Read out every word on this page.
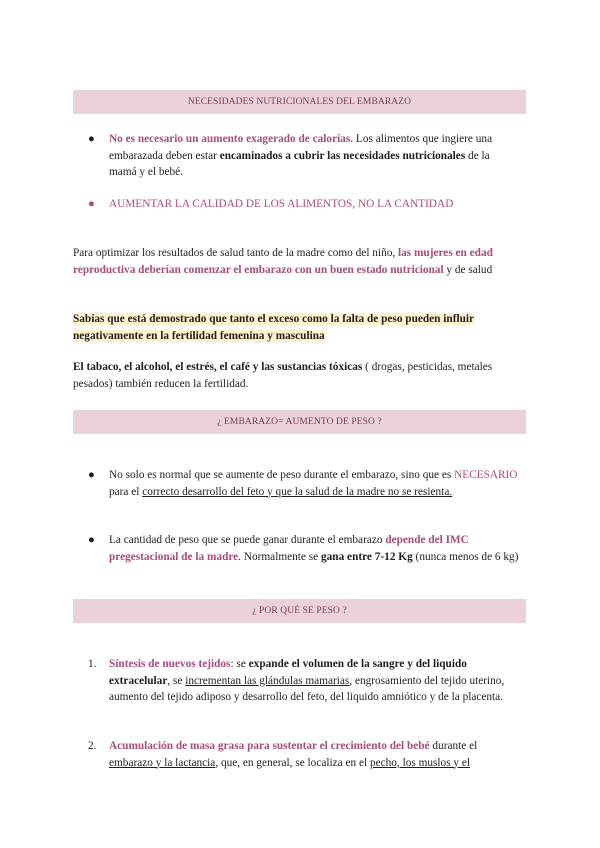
NECESIDADES NUTRICIONALES DEL EMBARAZO
●	No es necesario un aumento exagerado de calorías. Los alimentos que ingiere una embarazada deben estar encaminados a cubrir las necesidades nutricionales de la mamá y el bebé.
●	AUMENTAR LA CALIDAD DE LOS ALIMENTOS, NO LA CANTIDAD
Para optimizar los resultados de salud tanto de la madre como del niño, las mujeres en edad reproductiva deberían comenzar el embarazo con un buen estado nutricional y de salud
Sabías que está demostrado que tanto el exceso como la falta de peso pueden influir negativamente en la fertilidad femenina y masculina
El tabaco, el alcohol, el estrés, el café y las sustancias tóxicas ( drogas, pesticidas, metales pesados) también reducen la fertilidad.
¿ EMBARAZO= AUMENTO DE PESO ?
●	No solo es normal que se aumente de peso durante el embarazo, sino que es NECESARIO para el correcto desarrollo del feto y que la salud de la madre no se resienta.
●	La cantidad de peso que se puede ganar durante el embarazo depende del IMC pregestacional de la madre. Normalmente se gana entre 7-12 Kg (nunca menos de 6 kg)
¿ POR QUÉ SE PESO ?
1.	Síntesis de nuevos tejidos: se expande el volumen de la sangre y del liquido extracelular, se incrementan las glándulas mamarias, engrosamiento del tejido uterino, aumento del tejido adiposo y desarrollo del feto, del liquido amniótico y de la placenta.
2.	Acumulación de masa grasa para sustentar el crecimiento del bebé durante el embarazo y la lactancia, que, en general, se localiza en el pecho, los muslos y el
